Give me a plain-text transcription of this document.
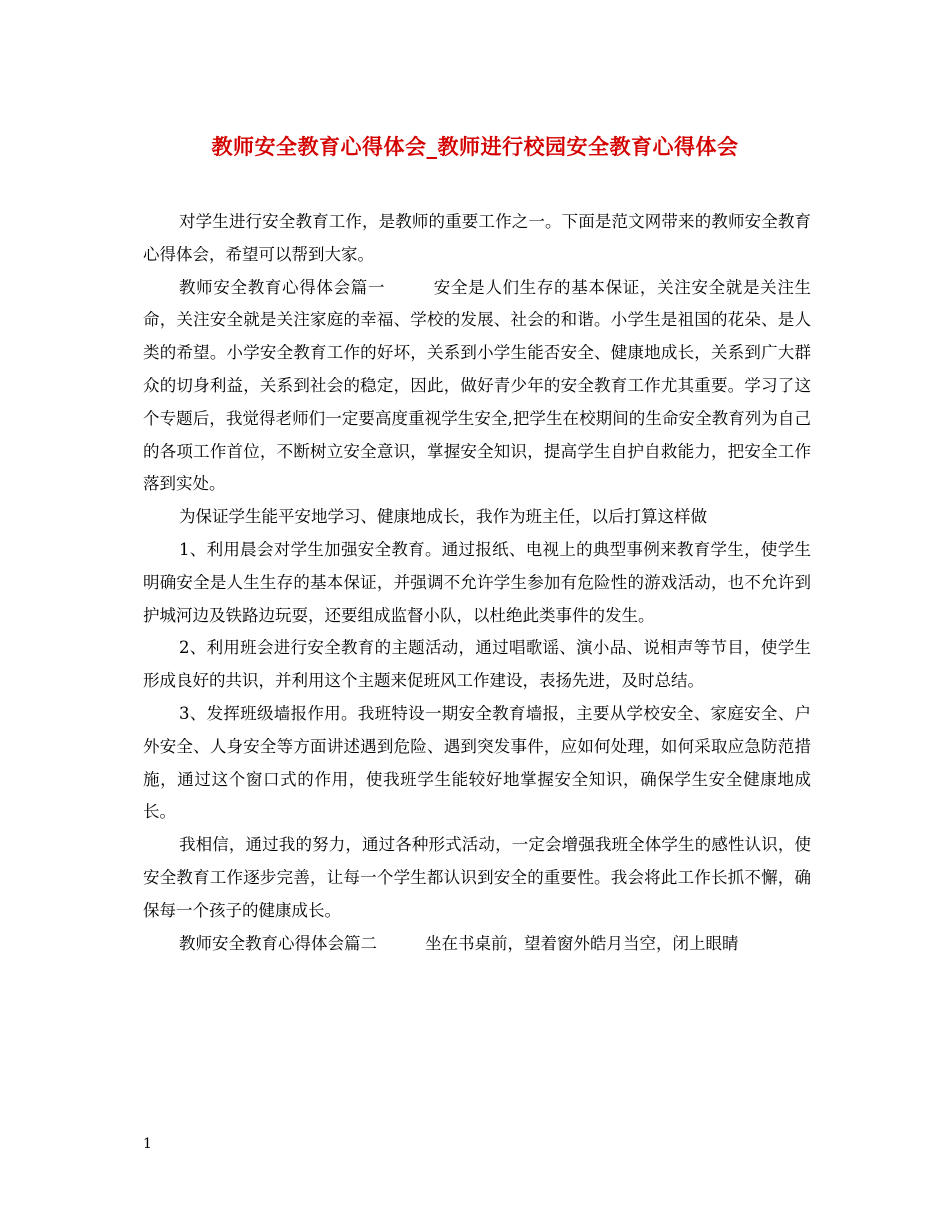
教师安全教育心得体会_教师进行校园安全教育心得体会

对学生进行安全教育工作，是教师的重要工作之一。下面是范文网带来的教师安全教育心得体会，希望可以帮到大家。

教师安全教育心得体会篇一	安全是人们生存的基本保证，关注安全就是关注生命，关注安全就是关注家庭的幸福、学校的发展、社会的和谐。小学生是祖国的花朵、是人类的希望。小学安全教育工作的好坏，关系到小学生能否安全、健康地成长，关系到广大群众的切身利益，关系到社会的稳定，因此，做好青少年的安全教育工作尤其重要。学习了这个专题后，我觉得老师们一定要高度重视学生安全,把学生在校期间的生命安全教育列为自己的各项工作首位，不断树立安全意识，掌握安全知识，提高学生自护自救能力，把安全工作落到实处。

为保证学生能平安地学习、健康地成长，我作为班主任，以后打算这样做

1、利用晨会对学生加强安全教育。通过报纸、电视上的典型事例来教育学生，使学生明确安全是人生生存的基本保证，并强调不允许学生参加有危险性的游戏活动，也不允许到护城河边及铁路边玩耍，还要组成监督小队，以杜绝此类事件的发生。

2、利用班会进行安全教育的主题活动，通过唱歌谣、演小品、说相声等节目，使学生形成良好的共识，并利用这个主题来促班风工作建设，表扬先进，及时总结。

3、发挥班级墙报作用。我班特设一期安全教育墙报，主要从学校安全、家庭安全、户外安全、人身安全等方面讲述遇到危险、遇到突发事件，应如何处理，如何采取应急防范措施，通过这个窗口式的作用，使我班学生能较好地掌握安全知识，确保学生安全健康地成长。

我相信，通过我的努力，通过各种形式活动，一定会增强我班全体学生的感性认识，使安全教育工作逐步完善，让每一个学生都认识到安全的重要性。我会将此工作长抓不懈，确保每一个孩子的健康成长。

教师安全教育心得体会篇二	坐在书桌前，望着窗外皓月当空，闭上眼睛

1
